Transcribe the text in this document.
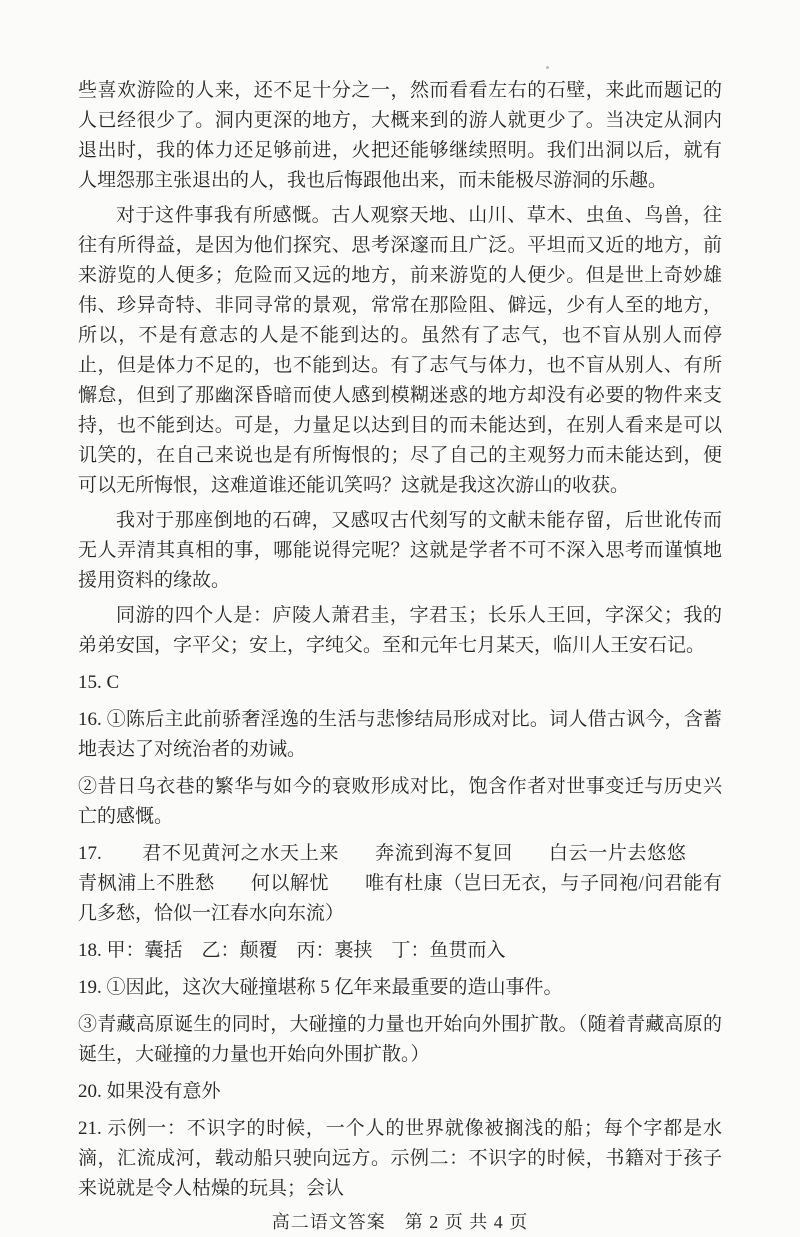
些喜欢游险的人来，还不足十分之一，然而看看左右的石壁，来此而题记的人已经很少了。洞内更深的地方，大概来到的游人就更少了。当决定从洞内退出时，我的体力还足够前进，火把还能够继续照明。我们出洞以后，就有人埋怨那主张退出的人，我也后悔跟他出来，而未能极尽游洞的乐趣。

对于这件事我有所感慨。古人观察天地、山川、草木、虫鱼、鸟兽，往往有所得益，是因为他们探究、思考深邃而且广泛。平坦而又近的地方，前来游览的人便多；危险而又远的地方，前来游览的人便少。但是世上奇妙雄伟、珍异奇特、非同寻常的景观，常常在那险阻、僻远，少有人至的地方，所以，不是有意志的人是不能到达的。虽然有了志气，也不盲从别人而停止，但是体力不足的，也不能到达。有了志气与体力，也不盲从别人、有所懈怠，但到了那幽深昏暗而使人感到模糊迷惑的地方却没有必要的物件来支持，也不能到达。可是，力量足以达到目的而未能达到，在别人看来是可以讥笑的，在自己来说也是有所悔恨的；尽了自己的主观努力而未能达到，便可以无所悔恨，这难道谁还能讥笑吗？这就是我这次游山的收获。

我对于那座倒地的石碑，又感叹古代刻写的文献未能存留，后世讹传而无人弄清其真相的事，哪能说得完呢？这就是学者不可不深入思考而谨慎地援用资料的缘故。

同游的四个人是：庐陵人萧君圭，字君玉；长乐人王回，字深父；我的弟弟安国，字平父；安上，字纯父。至和元年七月某天，临川人王安石记。

15. C

16. ①陈后主此前骄奢淫逸的生活与悲惨结局形成对比。词人借古讽今，含蓄地表达了对统治者的劝诫。

②昔日乌衣巷的繁华与如今的衰败形成对比，饱含作者对世事变迁与历史兴亡的感慨。

17. 君不见黄河之水天上来 奔流到海不复回 白云一片去悠悠青枫浦上不胜愁 何以解忧 唯有杜康（岂曰无衣，与子同袍/问君能有几多愁，恰似一江春水向东流）

18. 甲：囊括　乙：颠覆　丙：裹挟　丁：鱼贯而入

19. ①因此，这次大碰撞堪称 5 亿年来最重要的造山事件。

③青藏高原诞生的同时，大碰撞的力量也开始向外围扩散。（随着青藏高原的诞生，大碰撞的力量也开始向外围扩散。）

20. 如果没有意外

21. 示例一：不识字的时候，一个人的世界就像被搁浅的船；每个字都是水滴，汇流成河，载动船只驶向远方。示例二：不识字的时候，书籍对于孩子来说就是令人枯燥的玩具；会认

高二语文答案　第 2 页 共 4 页
